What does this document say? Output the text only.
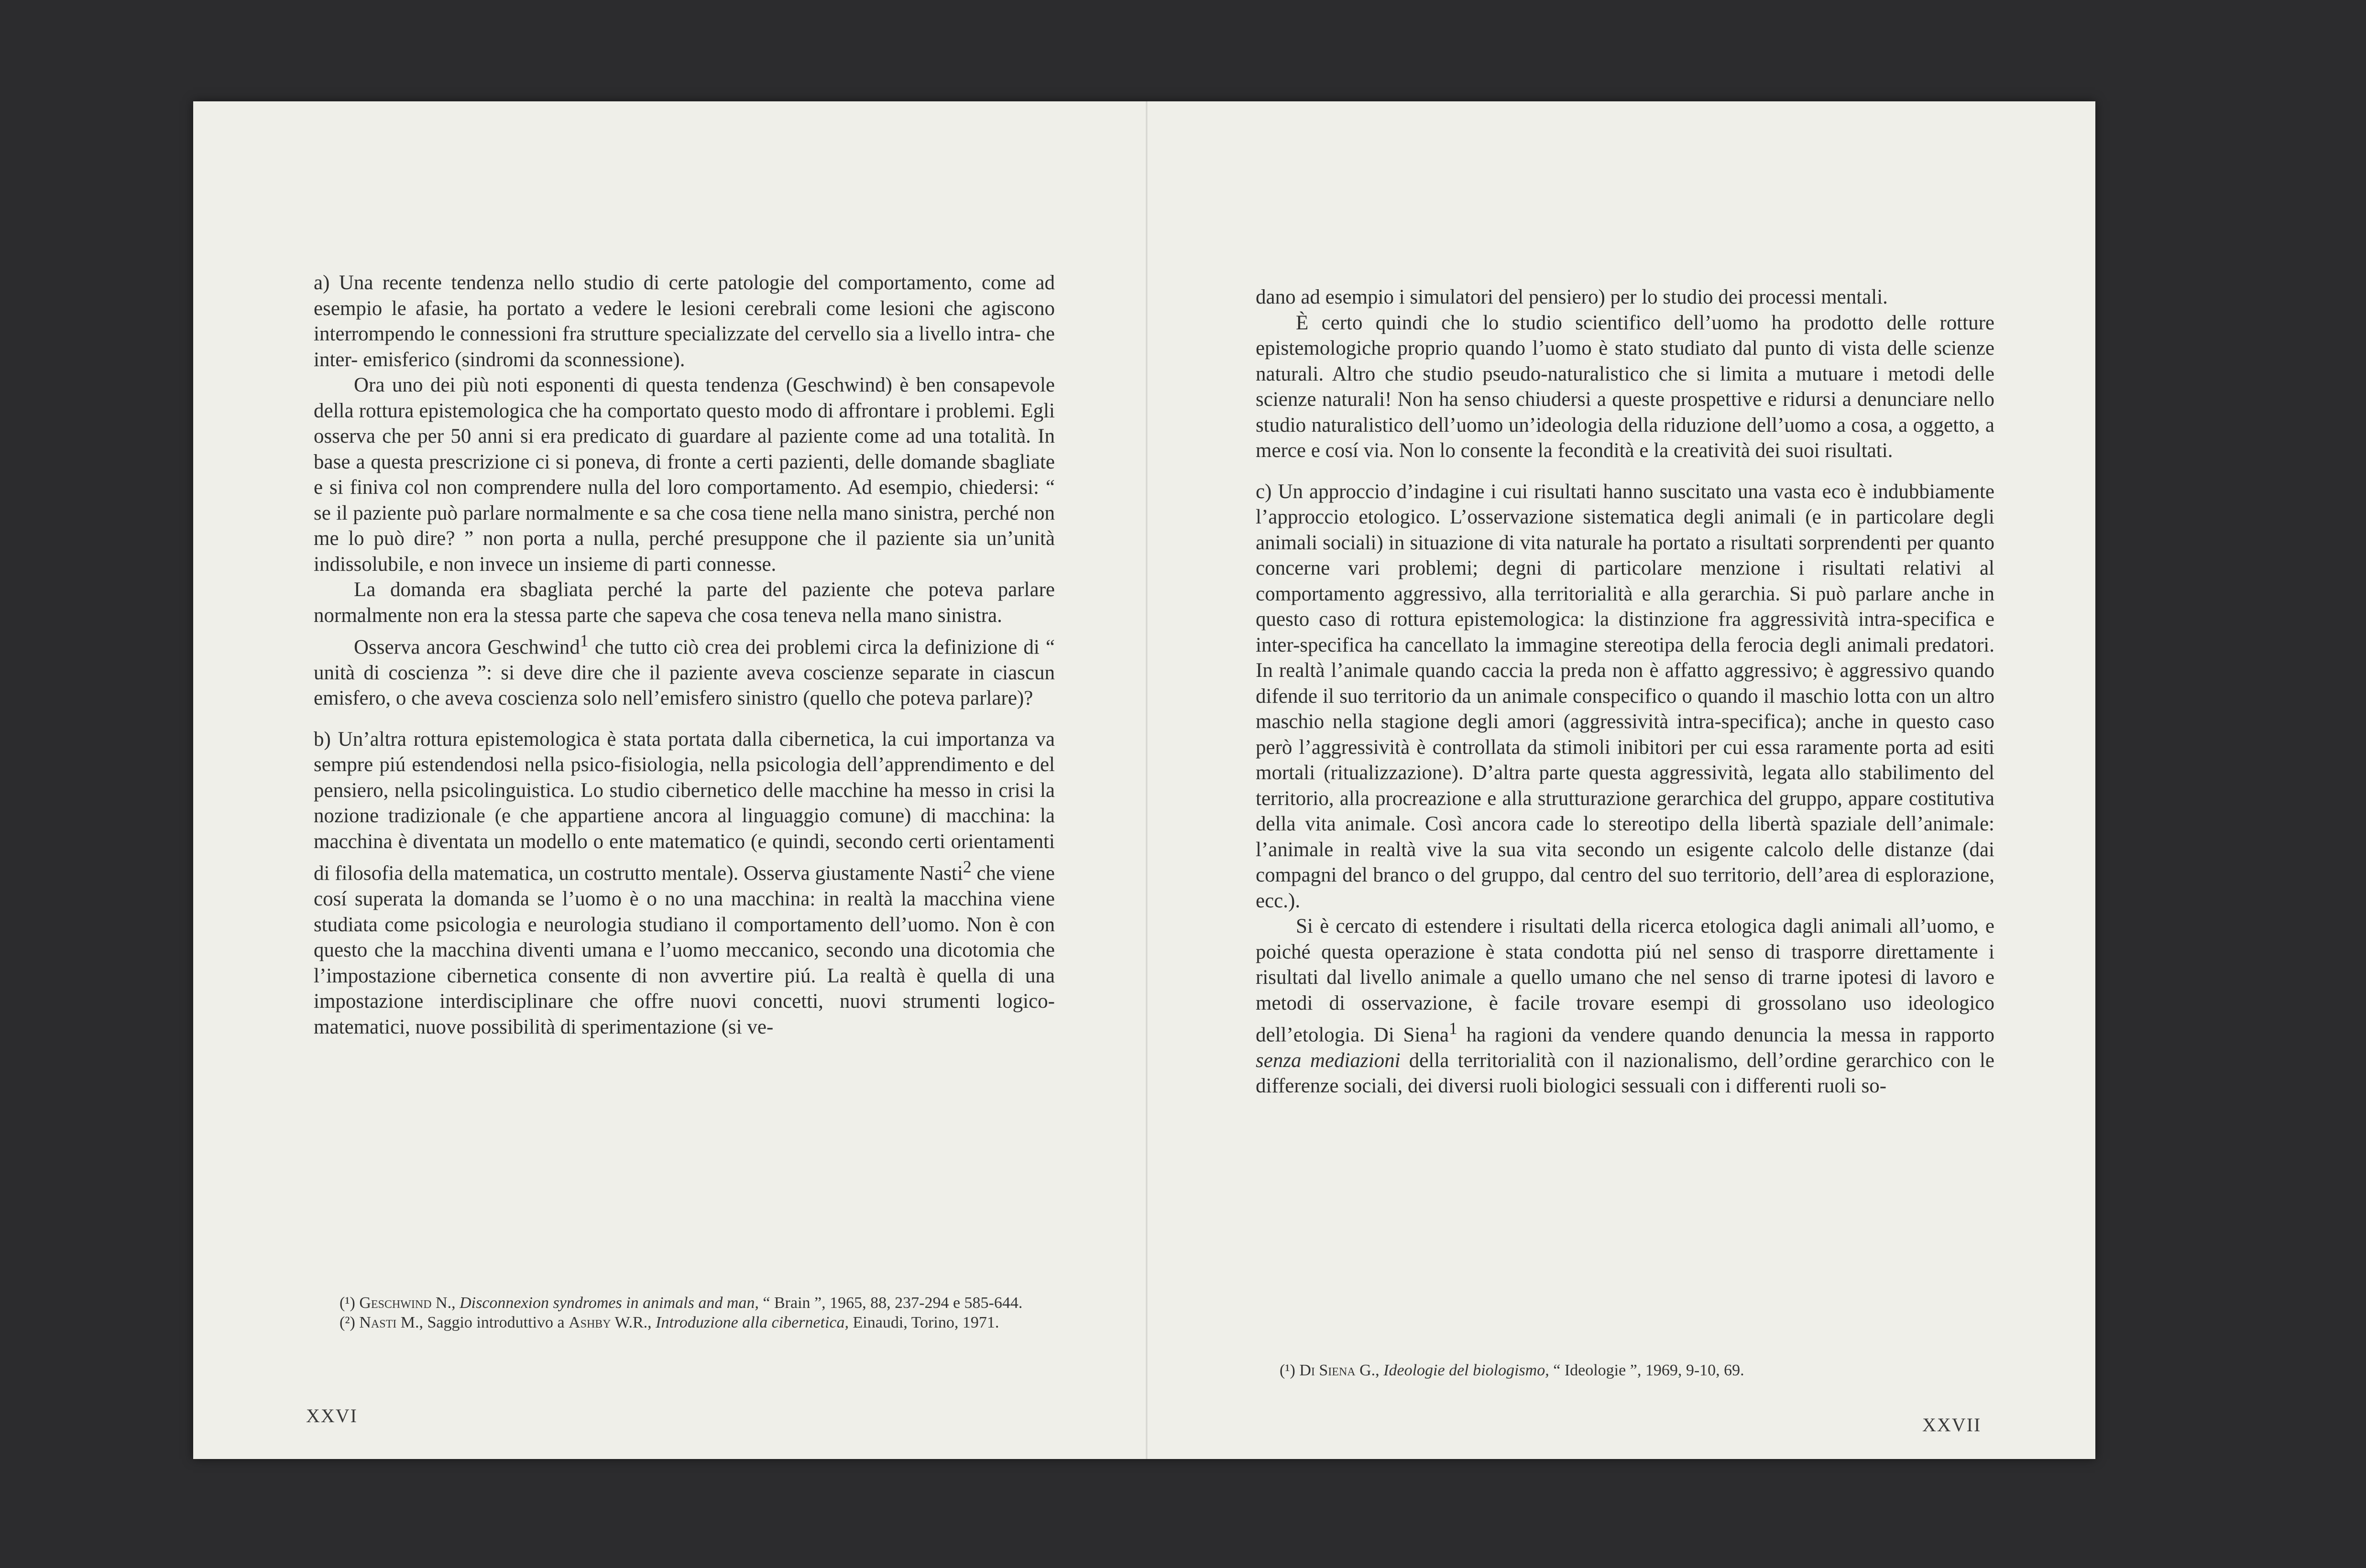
a) Una recente tendenza nello studio di certe patologie del comportamento, come ad esempio le afasie, ha portato a vedere le lesioni cerebrali come lesioni che agiscono interrompendo le connessioni fra strutture specializzate del cervello sia a livello intra- che inter- emisferico (sindromi da sconnessione).

Ora uno dei più noti esponenti di questa tendenza (Geschwind) è ben consapevole della rottura epistemologica che ha comportato questo modo di affrontare i problemi. Egli osserva che per 50 anni si era predicato di guardare al paziente come ad una totalità. In base a questa prescrizione ci si poneva, di fronte a certi pazienti, delle domande sbagliate e si finiva col non comprendere nulla del loro comportamento. Ad esempio, chiedersi: “ se il paziente può parlare normalmente e sa che cosa tiene nella mano sinistra, perché non me lo può dire? ” non porta a nulla, perché presuppone che il paziente sia un’unità indissolubile, e non invece un insieme di parti connesse.

La domanda era sbagliata perché la parte del paziente che poteva parlare normalmente non era la stessa parte che sapeva che cosa teneva nella mano sinistra.

Osserva ancora Geschwind$^1$ che tutto ciò crea dei problemi circa la definizione di “ unità di coscienza ”: si deve dire che il paziente aveva coscienze separate in ciascun emisfero, o che aveva coscienza solo nell’emisfero sinistro (quello che poteva parlare)?

b) Un’altra rottura epistemologica è stata portata dalla cibernetica, la cui importanza va sempre piú estendendosi nella psico-fisiologia, nella psicologia dell’apprendimento e del pensiero, nella psicolinguistica. Lo studio cibernetico delle macchine ha messo in crisi la nozione tradizionale (e che appartiene ancora al linguaggio comune) di macchina: la macchina è diventata un modello o ente matematico (e quindi, secondo certi orientamenti di filosofia della matematica, un costrutto mentale). Osserva giustamente Nasti$^2$ che viene cosí superata la domanda se l’uomo è o no una macchina: in realtà la macchina viene studiata come psicologia e neurologia studiano il comportamento dell’uomo. Non è con questo che la macchina diventi umana e l’uomo meccanico, secondo una dicotomia che l’impostazione cibernetica consente di non avvertire piú. La realtà è quella di una impostazione interdisciplinare che offre nuovi concetti, nuovi strumenti logico-matematici, nuove possibilità di sperimentazione (si ve-

(¹) Geschwind N., Disconnexion syndromes in animals and man, “ Brain ”, 1965, 88, 237-294 e 585-644.

(²) Nasti M., Saggio introduttivo a Ashby W.R., Introduzione alla cibernetica, Einaudi, Torino, 1971.

XXVI

dano ad esempio i simulatori del pensiero) per lo studio dei processi mentali.

È certo quindi che lo studio scientifico dell’uomo ha prodotto delle rotture epistemologiche proprio quando l’uomo è stato studiato dal punto di vista delle scienze naturali. Altro che studio pseudo-naturalistico che si limita a mutuare i metodi delle scienze naturali! Non ha senso chiudersi a queste prospettive e ridursi a denunciare nello studio naturalistico dell’uomo un’ideologia della riduzione dell’uomo a cosa, a oggetto, a merce e cosí via. Non lo consente la fecondità e la creatività dei suoi risultati.

c) Un approccio d’indagine i cui risultati hanno suscitato una vasta eco è indubbiamente l’approccio etologico. L’osservazione sistematica degli animali (e in particolare degli animali sociali) in situazione di vita naturale ha portato a risultati sorprendenti per quanto concerne vari problemi; degni di particolare menzione i risultati relativi al comportamento aggressivo, alla territorialità e alla gerarchia. Si può parlare anche in questo caso di rottura epistemologica: la distinzione fra aggressività intra-specifica e inter-specifica ha cancellato la immagine stereotipa della ferocia degli animali predatori. In realtà l’animale quando caccia la preda non è affatto aggressivo; è aggressivo quando difende il suo territorio da un animale conspecifico o quando il maschio lotta con un altro maschio nella stagione degli amori (aggressività intra-specifica); anche in questo caso però l’aggressività è controllata da stimoli inibitori per cui essa raramente porta ad esiti mortali (ritualizzazione). D’altra parte questa aggressività, legata allo stabilimento del territorio, alla procreazione e alla strutturazione gerarchica del gruppo, appare costitutiva della vita animale. Così ancora cade lo stereotipo della libertà spaziale dell’animale: l’animale in realtà vive la sua vita secondo un esigente calcolo delle distanze (dai compagni del branco o del gruppo, dal centro del suo territorio, dell’area di esplorazione, ecc.).

Si è cercato di estendere i risultati della ricerca etologica dagli animali all’uomo, e poiché questa operazione è stata condotta piú nel senso di trasporre direttamente i risultati dal livello animale a quello umano che nel senso di trarne ipotesi di lavoro e metodi di osservazione, è facile trovare esempi di grossolano uso ideologico dell’etologia. Di Siena$^1$ ha ragioni da vendere quando denuncia la messa in rapporto senza mediazioni della territorialità con il nazionalismo, dell’ordine gerarchico con le differenze sociali, dei diversi ruoli biologici sessuali con i differenti ruoli so-

(¹) Di Siena G., Ideologie del biologismo, “ Ideologie ”, 1969, 9-10, 69.

XXVII
